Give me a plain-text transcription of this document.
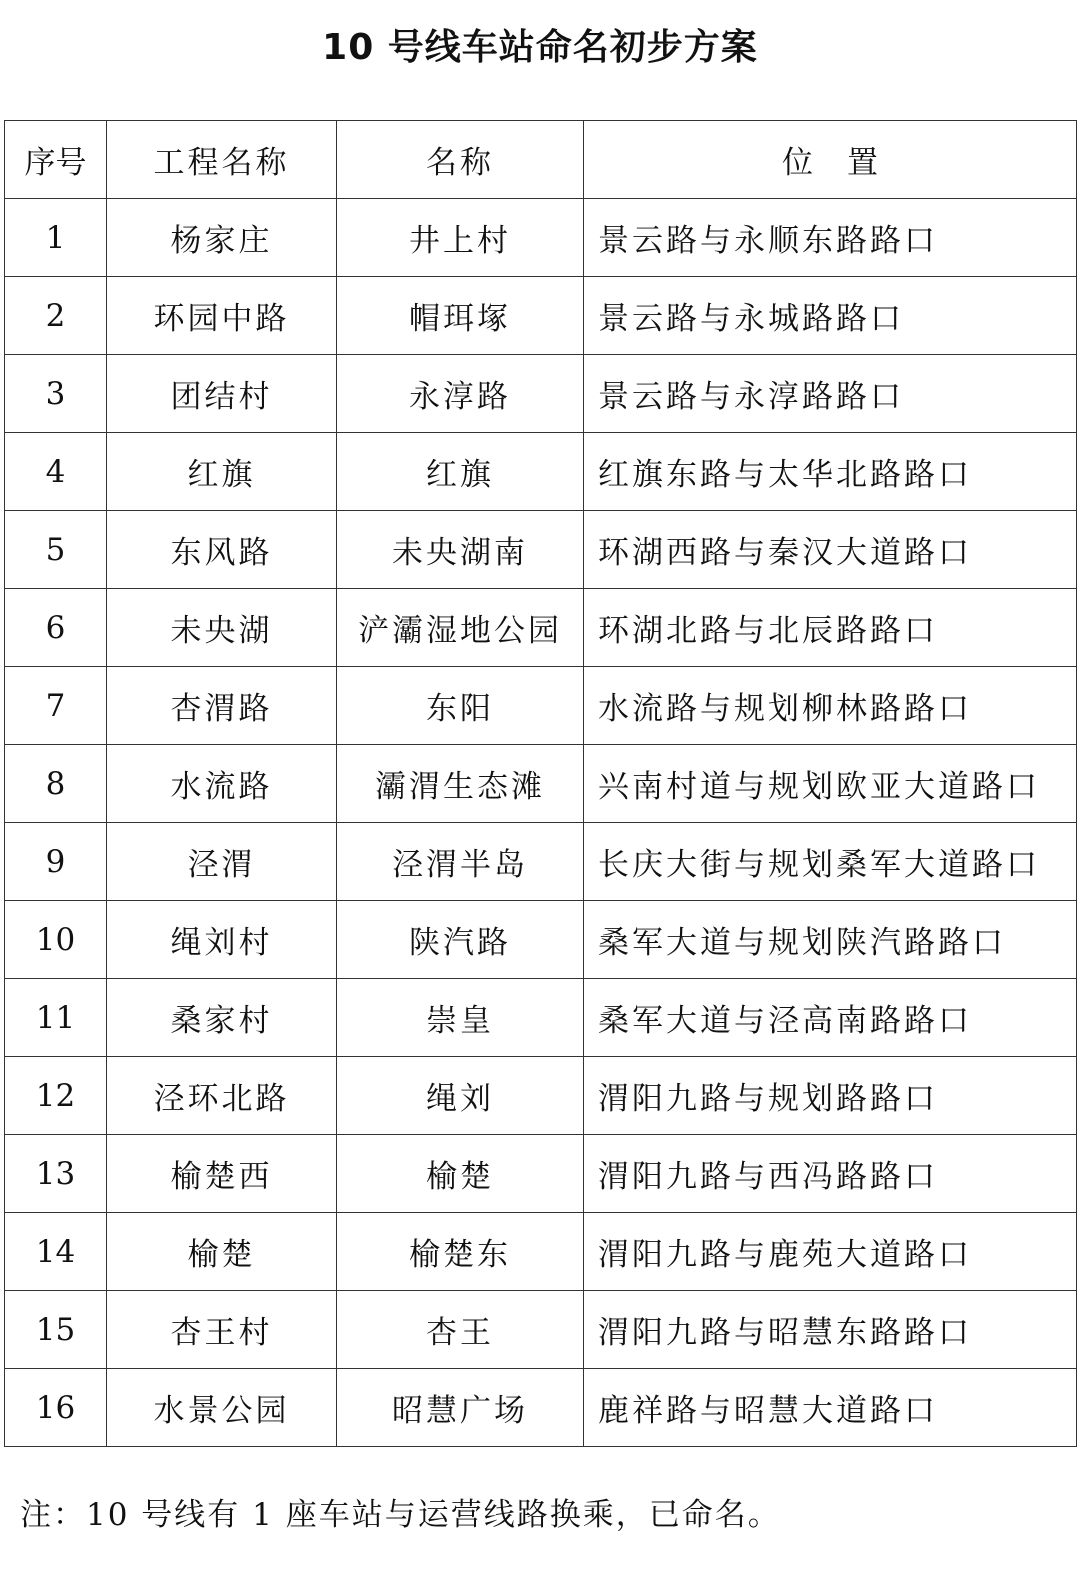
10 号线车站命名初步方案
序号	工程名称	名称	位 置
1	杨家庄	井上村	景云路与永顺东路路口
2	环园中路	帽珥塚	景云路与永城路路口
3	团结村	永淳路	景云路与永淳路路口
4	红旗	红旗	红旗东路与太华北路路口
5	东风路	未央湖南	环湖西路与秦汉大道路口
6	未央湖	浐灞湿地公园	环湖北路与北辰路路口
7	杏渭路	东阳	水流路与规划柳林路路口
8	水流路	灞渭生态滩	兴南村道与规划欧亚大道路口
9	泾渭	泾渭半岛	长庆大街与规划桑军大道路口
10	绳刘村	陕汽路	桑军大道与规划陕汽路路口
11	桑家村	崇皇	桑军大道与泾高南路路口
12	泾环北路	绳刘	渭阳九路与规划路路口
13	榆楚西	榆楚	渭阳九路与西冯路路口
14	榆楚	榆楚东	渭阳九路与鹿苑大道路口
15	杏王村	杏王	渭阳九路与昭慧东路路口
16	水景公园	昭慧广场	鹿祥路与昭慧大道路口
注：10 号线有 1 座车站与运营线路换乘，已命名。
